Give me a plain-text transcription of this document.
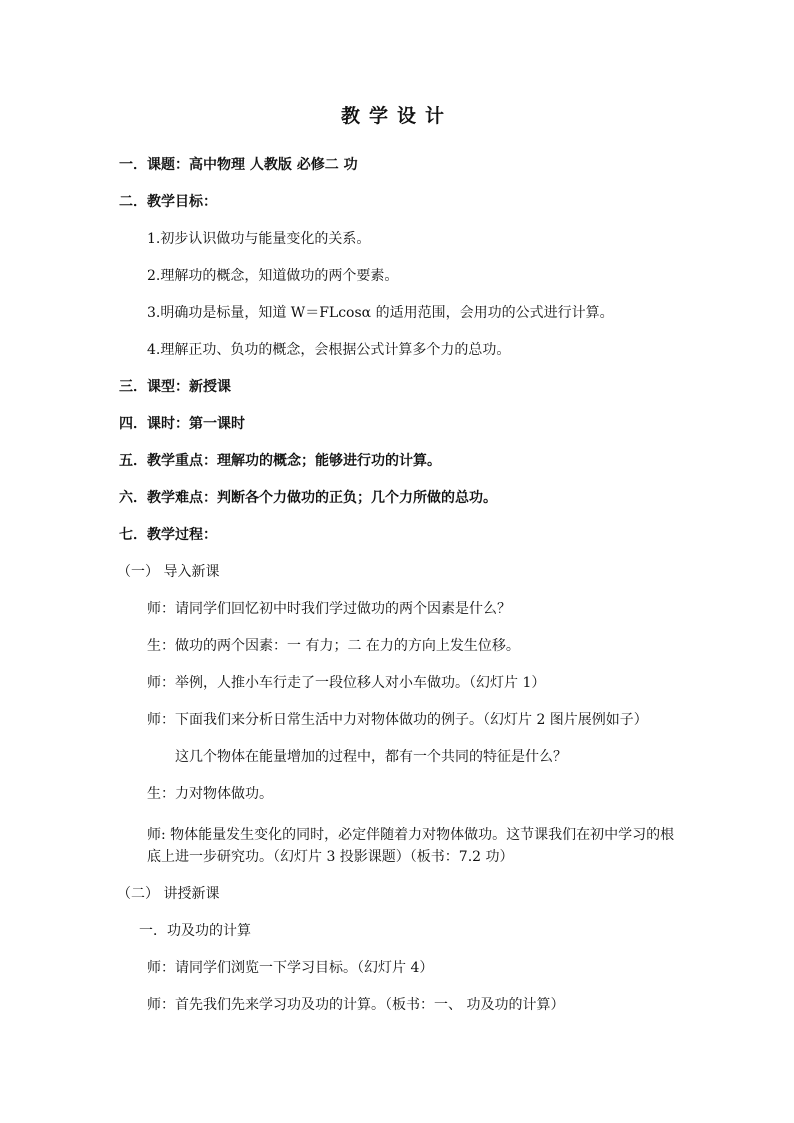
教学设计
一．课题：高中物理 人教版 必修二 功
二．教学目标：
1.初步认识做功与能量变化的关系。
2.理解功的概念，知道做功的两个要素。
3.明确功是标量，知道 W＝FLcosα 的适用范围，会用功的公式进行计算。
4.理解正功、负功的概念，会根据公式计算多个力的总功。
三．课型：新授课
四．课时：第一课时
五．教学重点：理解功的概念；能够进行功的计算。
六．教学难点：判断各个力做功的正负；几个力所做的总功。
七．教学过程：
（一） 导入新课
师：请同学们回忆初中时我们学过做功的两个因素是什么？
生：做功的两个因素：一 有力；二 在力的方向上发生位移。
师：举例，人推小车行走了一段位移人对小车做功。（幻灯片 1）
师：下面我们来分析日常生活中力对物体做功的例子。（幻灯片 2 图片展例如子）
这几个物体在能量增加的过程中，都有一个共同的特征是什么？
生：力对物体做功。
师: 物体能量发生变化的同时，必定伴随着力对物体做功。这节课我们在初中学习的根底上进一步研究功。（幻灯片 3 投影课题）（板书：7.2 功）
（二） 讲授新课
一．功及功的计算
师：请同学们浏览一下学习目标。（幻灯片 4）
师：首先我们先来学习功及功的计算。（板书：一、 功及功的计算）
